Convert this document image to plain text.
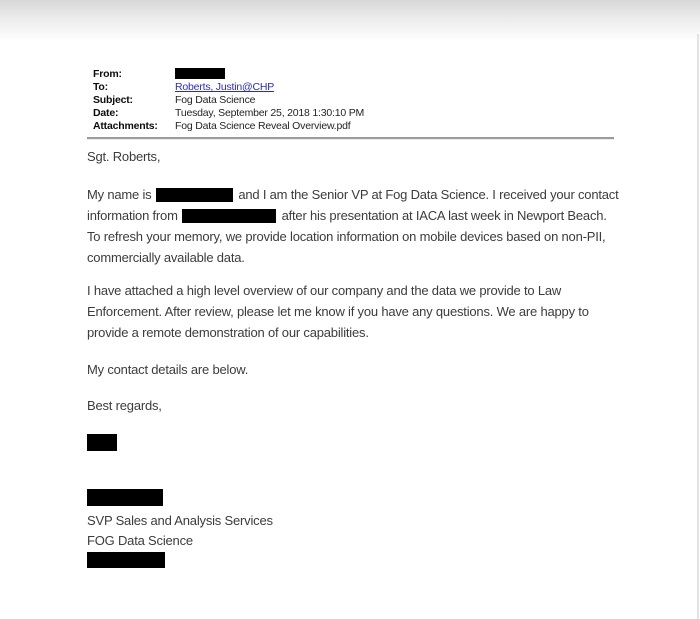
From:
To:	Roberts, Justin@CHP
Subject:	Fog Data Science
Date:	Tuesday, September 25, 2018 1:30:10 PM
Attachments:	Fog Data Science Reveal Overview.pdf
Sgt. Roberts,
My name is	and I am the Senior VP at Fog Data Science. I received your contact
information from	after his presentation at IACA last week in Newport Beach.
To refresh your memory, we provide location information on mobile devices based on non-PII,
commercially available data.
I have attached a high level overview of our company and the data we provide to Law
Enforcement. After review, please let me know if you have any questions. We are happy to
provide a remote demonstration of our capabilities.
My contact details are below.
Best regards,
SVP Sales and Analysis Services
FOG Data Science
